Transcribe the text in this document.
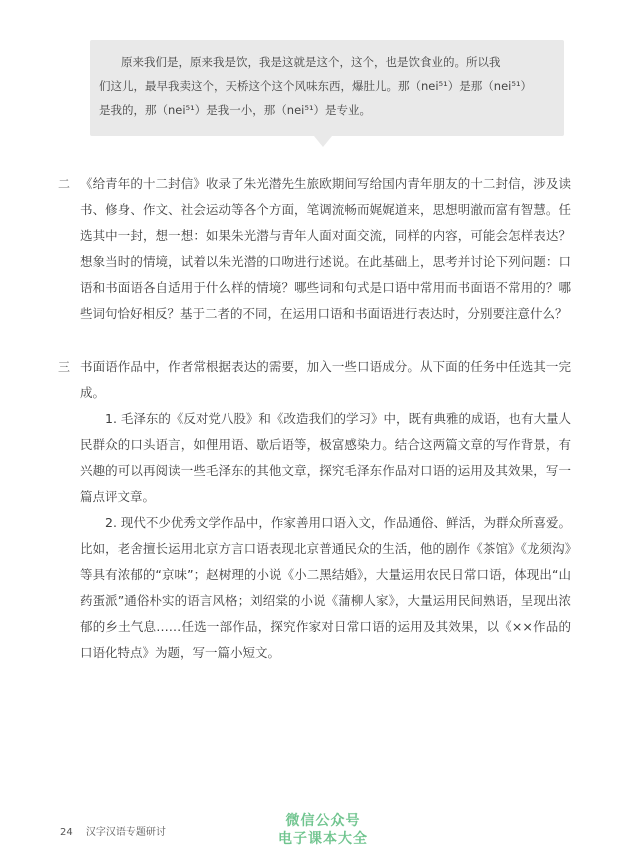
原来我们是，原来我是饮，我是这就是这个，这个，也是饮食业的。所以我
们这儿，最早我卖这个，天桥这个这个风味东西，爆肚儿。那（nei⁵¹）是那（nei⁵¹）
是我的，那（nei⁵¹）是我一小，那（nei⁵¹）是专业。
二 《给青年的十二封信》收录了朱光潜先生旅欧期间写给国内青年朋友的十二封信，涉及读书、修身、作文、社会运动等各个方面，笔调流畅而娓娓道来，思想明澈而富有智慧。任选其中一封，想一想：如果朱光潜与青年人面对面交流，同样的内容，可能会怎样表达？想象当时的情境，试着以朱光潜的口吻进行述说。在此基础上，思考并讨论下列问题：口语和书面语各自适用于什么样的情境？哪些词和句式是口语中常用而书面语不常用的？哪些词句恰好相反？基于二者的不同，在运用口语和书面语进行表达时，分别要注意什么？
三 书面语作品中，作者常根据表达的需要，加入一些口语成分。从下面的任务中任选其一完成。

1. 毛泽东的《反对党八股》和《改造我们的学习》中，既有典雅的成语，也有大量人民群众的口头语言，如俚用语、歇后语等，极富感染力。结合这两篇文章的写作背景，有兴趣的可以再阅读一些毛泽东的其他文章，探究毛泽东作品对口语的运用及其效果，写一篇点评文章。

2. 现代不少优秀文学作品中，作家善用口语入文，作品通俗、鲜活，为群众所喜爱。比如，老舍擅长运用北京方言口语表现北京普通民众的生活，他的剧作《茶馆》《龙须沟》等具有浓郁的“京味”；赵树理的小说《小二黑结婚》，大量运用农民日常口语，体现出“山药蛋派”通俗朴实的语言风格；刘绍棠的小说《蒲柳人家》，大量运用民间熟语，呈现出浓郁的乡土气息……任选一部作品，探究作家对日常口语的运用及其效果，以《××作品的口语化特点》为题，写一篇小短文。

24 汉字汉语专题研讨
微信公众号
电子课本大全
